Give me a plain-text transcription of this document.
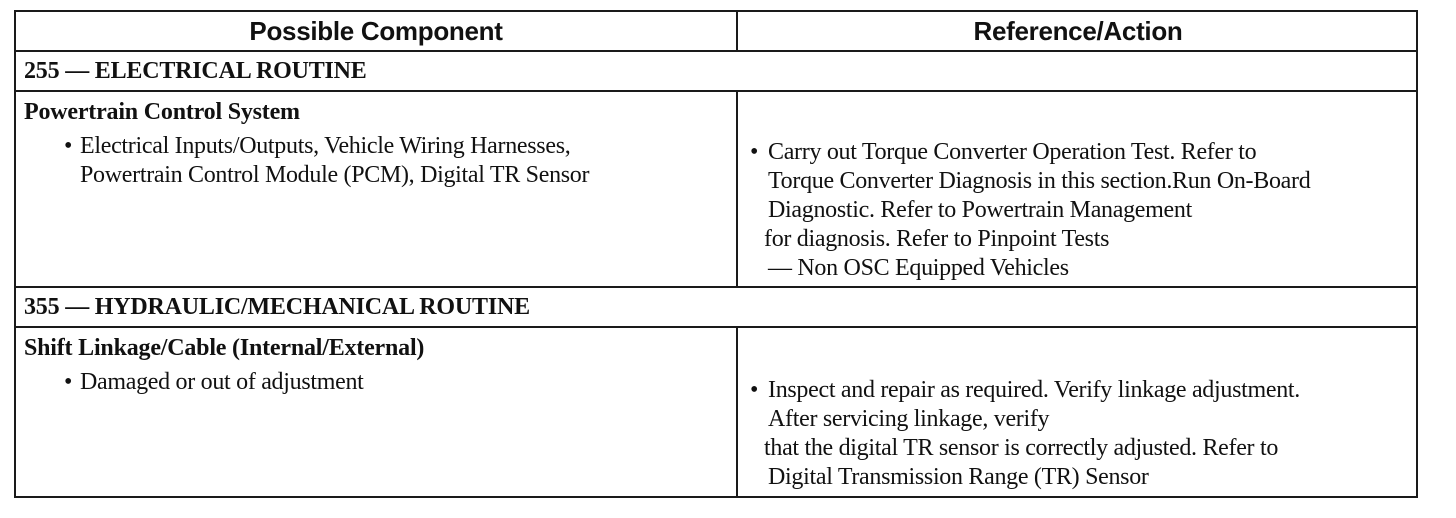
Possible Component	Reference/Action
255 — ELECTRICAL ROUTINE
Powertrain Control System
• Electrical Inputs/Outputs, Vehicle Wiring Harnesses,
Powertrain Control Module (PCM), Digital TR Sensor
• Carry out Torque Converter Operation Test. Refer to
Torque Converter Diagnosis in this section.Run On-Board
Diagnostic. Refer to Powertrain Management
for diagnosis. Refer to Pinpoint Tests
— Non OSC Equipped Vehicles
355 — HYDRAULIC/MECHANICAL ROUTINE
Shift Linkage/Cable (Internal/External)
• Damaged or out of adjustment	• Inspect and repair as required. Verify linkage adjustment.
After servicing linkage, verify
that the digital TR sensor is correctly adjusted. Refer to
Digital Transmission Range (TR) Sensor
